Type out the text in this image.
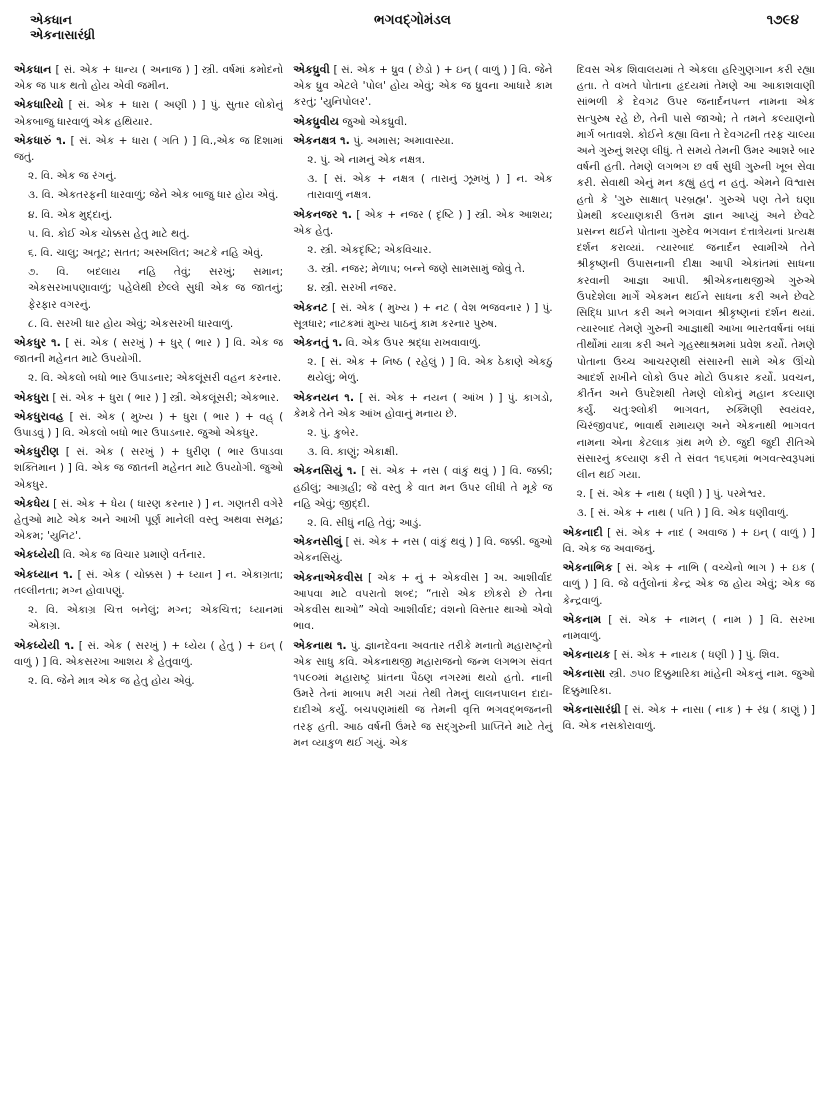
એકધાન
એકનાસારંધ્રી
ભગવદ્ગોમંડલ	૧૭૯૪
એકધાન [ સં. એક + ધાન્ય ( અનાજ ) ] સ્ત્રી. વર્ષમાં કમોદનો એક જ પાક થતો હોય એવી જમીન.
એકધારિયો [ સં. એક + ધારા ( અણી ) ] પું. સુતાર લોકોનું એકબાજુ ધારવાળું એક હથિયાર.
એકધારું ૧. [ સં. એક + ધારા ( ગતિ ) ] વિ.,એક જ દિશામાં જતું.
૨. વિ. એક જ રંગનું.
૩. વિ. એકતરફની ધારવાળું; જેને એક બાજુ ધાર હોય એવું.
૪. વિ. એક મુદ્દાનું.
૫. વિ. કોઈ એક ચોક્કસ હેતુ માટે થતું.
૬. વિ. ચાલુ; અતૂટ; સતત; અસ્ખલિત; અટકે નહિ એવું.
૭. વિ. બદલાય નહિ તેવું; સરખું; સમાન; એકસરખાપણાવાળું; પહેલેથી છેલ્લે સુધી એક જ જાતનું; ફેરફાર વગરનું.
૮. વિ. સરખી ધાર હોય એવું; એકસરખી ધારવાળું.
એકધુર ૧. [ સં. એક ( સરખું ) + ધુર્ ( ભાર ) ] વિ. એક જ જાતની મહેનત માટે ઉપયોગી.
૨. વિ. એકલો બધો ભાર ઉપાડનાર; એકલૂંસરી વહન કરનાર.
એકધુરા [ સં. એક + ધુરા ( ભાર ) ] સ્ત્રી. એકલૂંસરી; એકભાર.
એકધુરાવહ [ સં. એક ( મુખ્ય ) + ધુરા ( ભાર ) + વહ્ ( ઉપાડવું ) ] વિ. એકલો બધો ભાર ઉપાડનાર. જુઓ એકધુર.
એકધુરીણ [ સં. એક ( સરખું ) + ધુરીણ ( ભાર ઉપાડવા શક્તિમાન ) ] વિ. એક જ જાતની મહેનત માટે ઉપયોગી. જુઓ એકધુર.
એકધેય [ સં. એક + ધેય ( ધારણ કરનાર ) ] ન. ગણતરી વગેરે હેતુઓ માટે એક અને આખી પૂર્ણ માનેલી વસ્તુ અથવા સમૂહ; એકમ; 'યુનિટ'.
એકધ્યેયી વિ. એક જ વિચાર પ્રમાણે વર્તનાર.
એકધ્યાન ૧. [ સં. એક ( ચોક્કસ ) + ધ્યાન ] ન. એકાગ્રતા; તલ્લીનતા; મગ્ન હોવાપણું.
૨. વિ. એકાગ્ર ચિત્ત બનેલું; મગ્ન; એકચિત્ત; ધ્યાનમાં એકાગ્ર.
એકધ્યેયી ૧. [ સં. એક ( સરખું ) + ધ્યેય ( હેતુ ) + ઇન્ ( વાળું ) ] વિ. એકસરખા આશય કે હેતુવાળું.
૨. વિ. જેને માત્ર એક જ હેતુ હોય એવું.
એકધ્રુવી [ સં. એક + ધ્રુવ ( છેડો ) + ઇન્ ( વાળું ) ] વિ. જેને એક ધ્રુવ એટલે 'પોલ' હોય એવું; એક જ ધ્રુવના આધારે કામ કરતું; 'યુનિપોલર'.
એકધ્રુવીય જુઓ એકધ્રુવી.
એકનક્ષત્ર ૧. પું. અમાસ; અમાવાસ્યા.
૨. પું. એ નામનું એક નક્ષત્ર.
૩. [ સં. એક + નક્ષત્ર ( તારાનું ઝૂમખું ) ] ન. એક તારાવાળું નક્ષત્ર.
એકનજર ૧. [ એક + નજર ( દૃષ્ટિ ) ] સ્ત્રી. એક આશય; એક હેતુ.
૨. સ્ત્રી. એકદૃષ્ટિ; એકવિચાર.
૩. સ્ત્રી. નજર; મેળાપ; બન્ને જણે સામસામું જોવું તે.
૪. સ્ત્રી. સરખી નજર.
એકનટ [ સં. એક ( મુખ્ય ) + નટ ( વેશ ભજવનાર ) ] પું. સૂત્રધાર; નાટકમાં મુખ્ય પાઠનું કામ કરનાર પુરુષ.
એકનતું ૧. વિ. એક ઉપર શ્રદ્ધા રાખવાવાળું.
૨. [ સં. એક + નિષ્ઠ ( રહેલું ) ] વિ. એક ઠેકાણે એકઠું થયેલું; ભેળું.
એકનયન ૧. [ સં. એક + નયન ( આંખ ) ] પું. કાગડો, કેમકે તેને એક આંખ હોવાનું મનાય છે.
૨. પું. કુબેર.
૩. વિ. કાણું; એકાક્ષી.
એકનસિયું ૧. [ સં. એક + નસ ( વાંકું થવું ) ] વિ. જક્કી; હઠીલું; આગ્રહી; જે વસ્તુ કે વાત મન ઉપર લીધી તે મૂકે જ નહિ એવું; જીદ્દી.
૨. વિ. સીધું નહિ તેવું; આડું.
એકનસીલું [ સં. એક + નસ ( વાંકું થવું ) ] વિ. જક્કી. જુઓ એકનસિયું.
એકનાએકવીસ [ એક + નું + એકવીસ ] અ. આશીર્વાદ આપવા માટે વપરાતો શબ્દ; “તારો એક છોકરો છે તેના એકવીસ થાઓ” એવો આશીર્વાદ; વંશનો વિસ્તાર થાઓ એવો ભાવ.
એકનાથ ૧. પું. જ્ઞાનદેવના અવતાર તરીકે મનાતો મહારાષ્ટ્રનો એક સાધુ કવિ. એકનાથજી મહારાજનો જન્મ લગભગ સંવત ૧૫૯૦માં મહારાષ્ટ્ર પ્રાંતના પૈઠણ નગરમાં થયો હતો. નાની ઉમરે તેનાં માબાપ મરી ગયાં તેથી તેમનું લાલનપાલન દાદા-દાદીએ કર્યું. બચપણમાંથી જ તેમની વૃત્તિ ભગવદ્ભજનની તરફ હતી. આઠ વર્ષની ઉંમરે જ સદ્ગુરુની પ્રાપ્તિને માટે તેનું મન વ્યાકુળ થઈ ગયું. એક
દિવસ એક શિવાલયમાં તે એકલા હરિગુણગાન કરી રહ્યા હતા. તે વખતે પોતાના હૃદયમાં તેમણે આ આકાશવાણી સાંભળી કે દેવગઢ ઉપર જનાર્દનપન્ત નામના એક સત્પુરુષ રહે છે, તેની પાસે જાઓ; તે તમને કલ્યાણનો માર્ગ બતાવશે. કોઈને કહ્યા વિના તે દેવગઢની તરફ ચાલ્યા અને ગુરુનું શરણ લીધું. તે સમયે તેમની ઉમર આશરે બાર વર્ષની હતી. તેમણે લગભગ છ વર્ષ સુધી ગુરુની ખૂબ સેવા કરી. સેવાથી એનું મન કહ્યું હતું ન હતું. એમને વિશ્વાસ હતો કે 'ગુરુ સાક્ષાત્ પરબ્રહ્મ'. ગુરુએ પણ તેને ઘણા પ્રેમથી કલ્યાણકારી ઉત્તમ જ્ઞાન આપ્યું અને છેવટે પ્રસન્ન થઈને પોતાના ગુરુદેવ ભગવાન દત્તાત્રેયનાં પ્રત્યક્ષ દર્શન કરાવ્યાં. ત્યારબાદ જનાર્દન સ્વામીએ તેને શ્રીકૃષ્ણની ઉપાસનાની દીક્ષા આપી એકાંતમાં સાધના કરવાની આજ્ઞા આપી. શ્રીએકનાથજીએ ગુરુએ ઉપદેશેલા માર્ગે એકમન થઈને સાધના કરી અને છેવટે સિદ્ધિ પ્રાપ્ત કરી અને ભગવાન શ્રીકૃષ્ણનાં દર્શન થયાં. ત્યારબાદ તેમણે ગુરુની આજ્ઞાથી આખા ભારતવર્ષનાં બધાં તીર્થોમાં યાત્રા કરી અને ગૃહસ્થાશ્રમમાં પ્રવેશ કર્યો. તેમણે પોતાના ઉચ્ચ આચરણથી સંસારની સામે એક ઊંચો આદર્શ રાખીને લોકો ઉપર મોટો ઉપકાર કર્યો. પ્રવચન, કીર્તન અને ઉપદેશથી તેમણે લોકોનું મહાન કલ્યાણ કર્યું. ચતુઃશ્લોકી ભાગવત, રુક્મિણી સ્વયંવર, ચિરંજીવપદ, ભાવાર્થ રામાયણ અને એકનાથી ભાગવત નામના એના કેટલાક ગ્રંથ મળે છે. જુદી જુદી રીતિએ સંસારનું કલ્યાણ કરી તે સંવત ૧૬૫૬માં ભગવત્સ્વરૂપમાં લીન થઈ ગયા.
૨. [ સં. એક + નાથ ( ધણી ) ] પું. પરમેશ્વર.
૩. [ સં. એક + નાથ ( પતિ ) ] વિ. એક ધણીવાળું.
એકનાદી [ સં. એક + નાદ ( અવાજ ) + ઇન્ ( વાળું ) ] વિ. એક જ અવાજનું.
એકનાભિક [ સં. એક + નાભિ ( વચ્ચેનો ભાગ ) + ઇક ( વાળું ) ] વિ. જે વર્તુલોનાં કેન્દ્ર એક જ હોય એવું; એક જ કેન્દ્રવાળું.
એકનામ [ સં. એક + નામન્ ( નામ ) ] વિ. સરખા નામવાળું.
એકનાયક [ સં. એક + નાયક ( ધણી ) ] પું. શિવ.
એકનાસા સ્ત્રી. ૭૫૦ દિક્કુમારિકા માંહેની એકનું નામ. જુઓ દિક્કુમારિકા.
એકનાસારંધ્રી [ સં. એક + નાસા ( નાક ) + રંધ્ર ( કાણું ) ] વિ. એક નસકોરાવાળું.
